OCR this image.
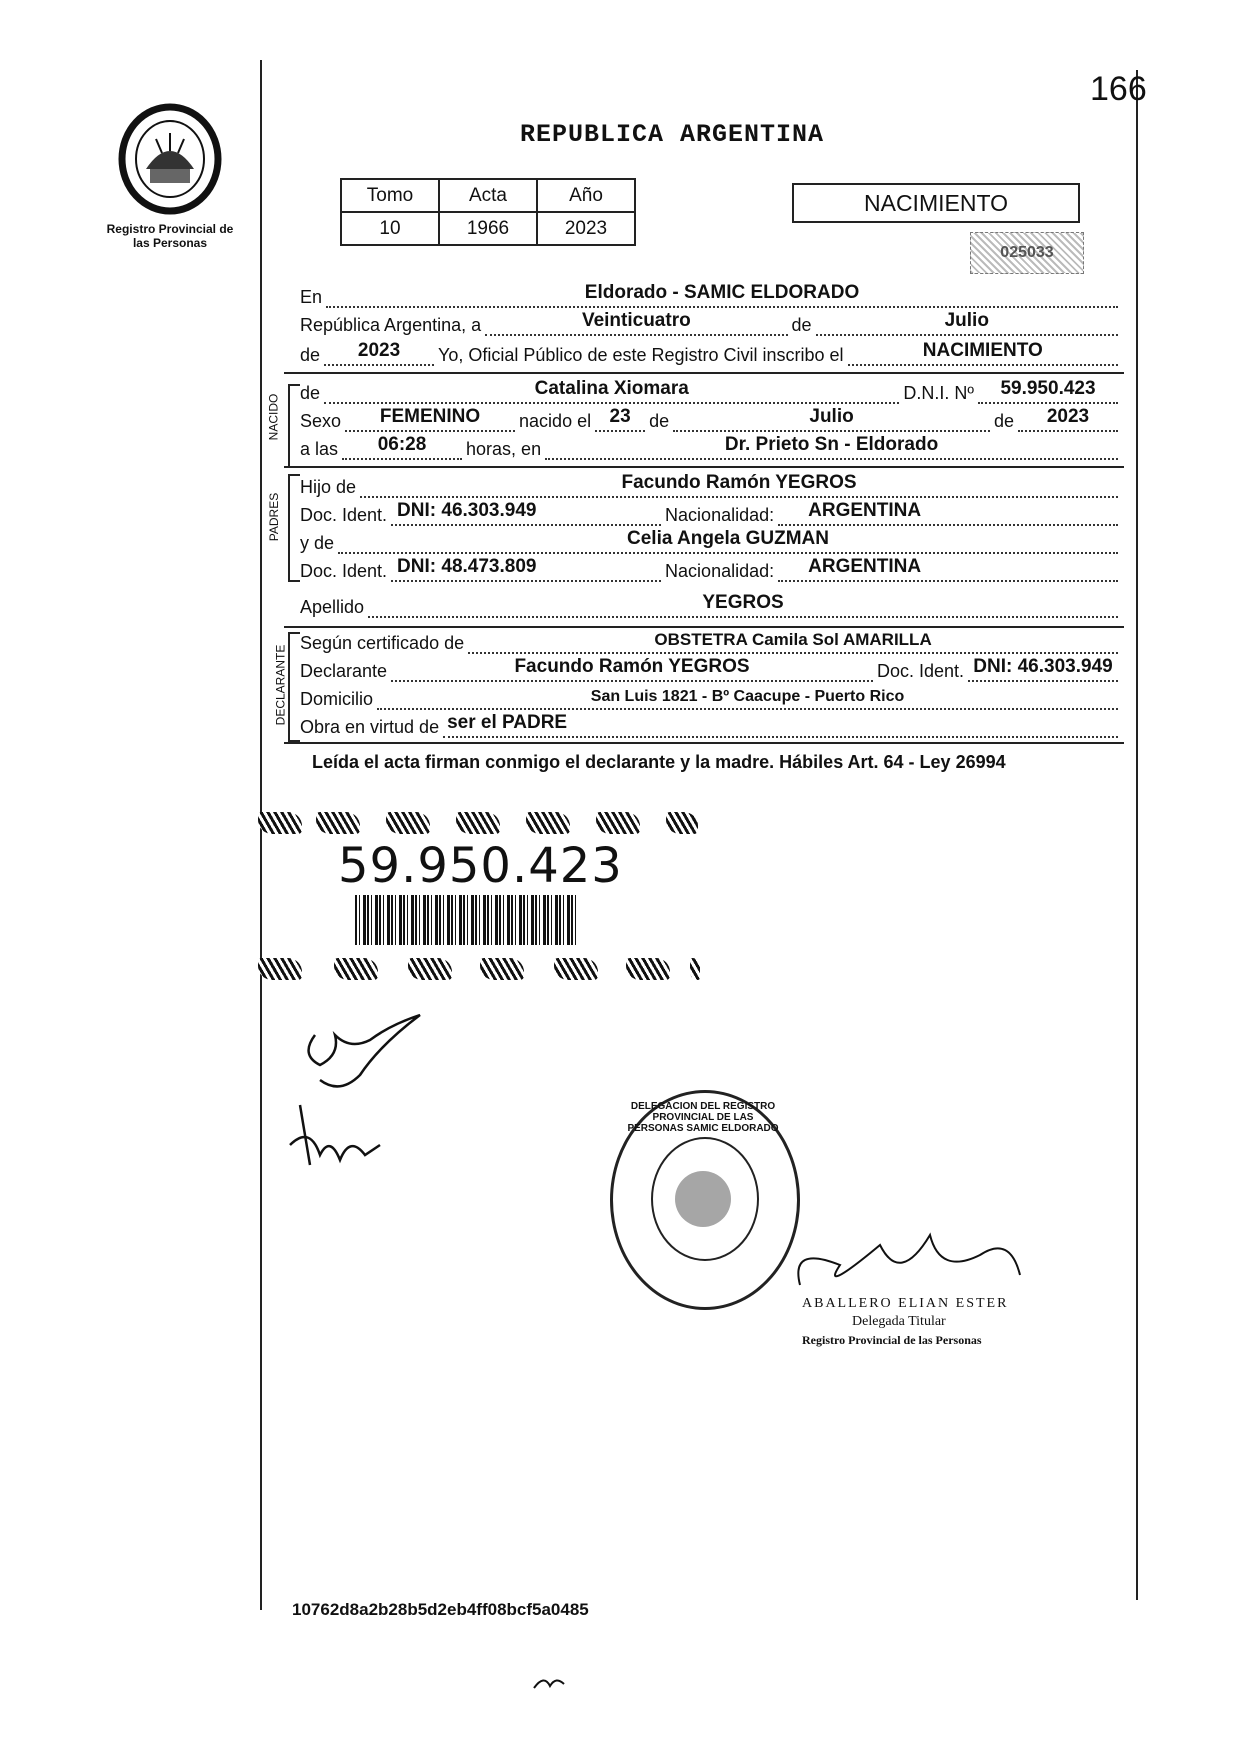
166
Registro Provincial de las Personas
REPUBLICA ARGENTINA
Tomo	Acta	Año
10	1966	2023
NACIMIENTO
025033
En	Eldorado - SAMIC ELDORADO
República Argentina, a	Veinticuatro	de	Julio
de	2023	Yo, Oficial Público de este Registro Civil inscribo el	NACIMIENTO
NACIDO
de	Catalina Xiomara	D.N.I. Nº	59.950.423
Sexo	FEMENINO	nacido el 23	de	Julio	de	2023
a las	06:28	horas, en	Dr. Prieto Sn - Eldorado
PADRES
Hijo de	Facundo Ramón YEGROS
Doc. Ident. DNI: 46.303.949	Nacionalidad:	ARGENTINA
y de	Celia Angela GUZMAN
Doc. Ident. DNI: 48.473.809	Nacionalidad:	ARGENTINA
Apellido	YEGROS
DECLARANTE
Según certificado de	OBSTETRA Camila Sol AMARILLA
Declarante	Facundo Ramón YEGROS	Doc. Ident. DNI: 46.303.949
Domicilio	San Luis 1821 - Bº Caacupe - Puerto Rico
Obra en virtud de ser el PADRE
Leída el acta firman conmigo el declarante y la madre. Hábiles Art. 64 - Ley 26994
59.950.423
DELEGACION DEL REGISTRO PROVINCIAL DE LAS PERSONAS SAMIC ELDORADO
ABALLERO ELIAN ESTER
Delegada Titular
Registro Provincial de las Personas
10762d8a2b28b5d2eb4ff08bcf5a0485
